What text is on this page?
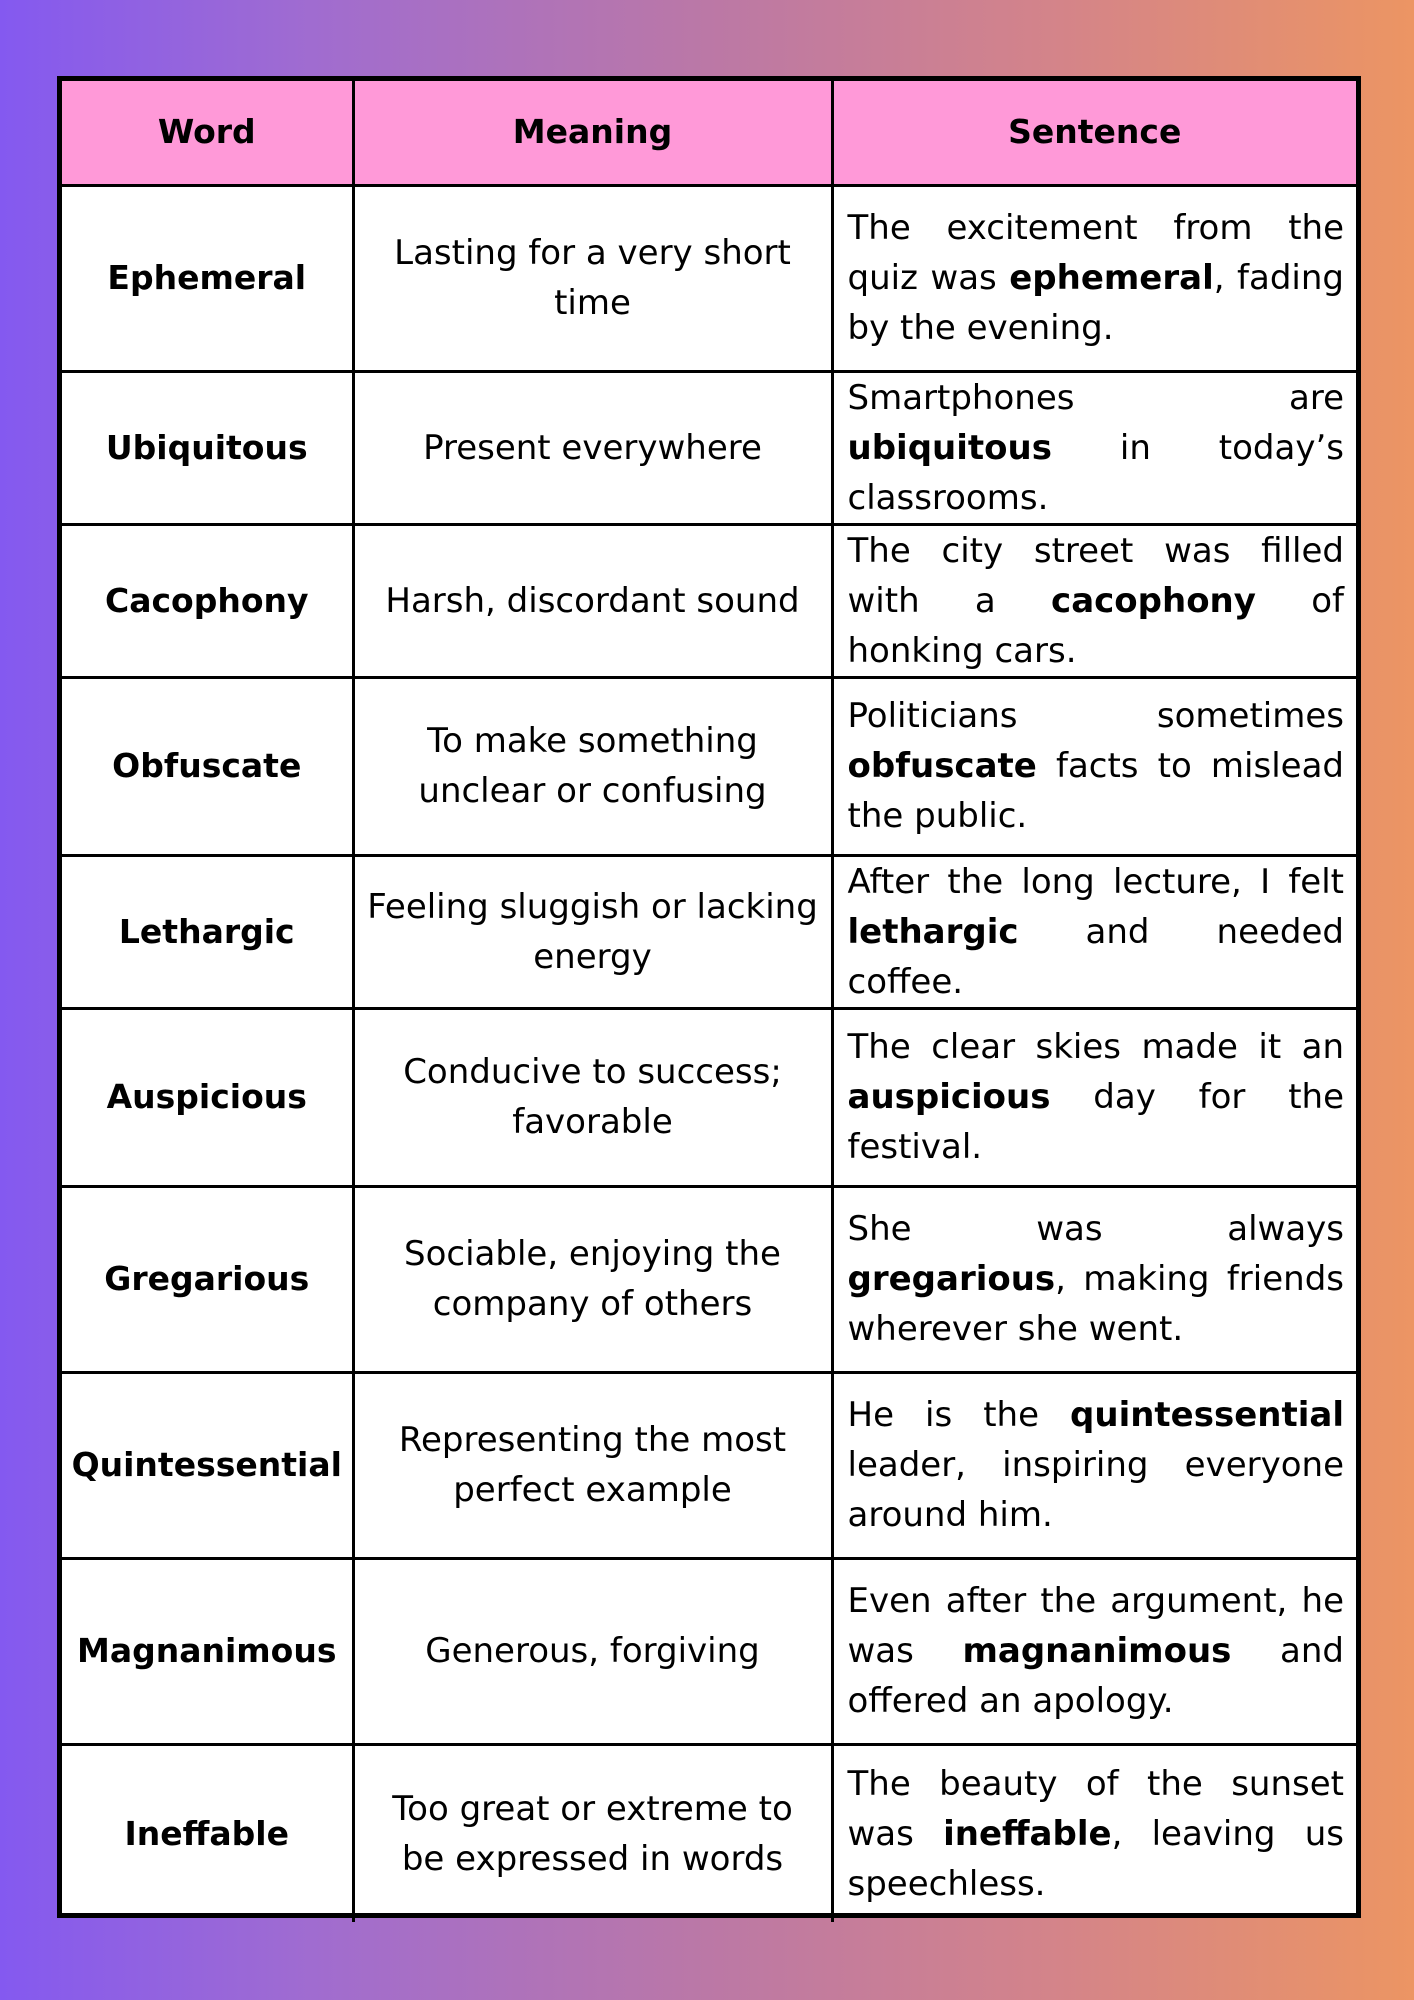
Word	Meaning	Sentence
Ephemeral	Lasting for a very short time	The excitement from the quiz was ephemeral, fading by the evening.
Ubiquitous	Present everywhere	Smartphones are ubiquitous in today’s classrooms.
Cacophony	Harsh, discordant sound	The city street was filled with a cacophony of honking cars.
Obfuscate	To make something unclear or confusing	Politicians sometimes obfuscate facts to mislead the public.
Lethargic	Feeling sluggish or lacking energy	After the long lecture, I felt lethargic and needed coffee.
Auspicious	Conducive to success; favorable	The clear skies made it an auspicious day for the festival.
Gregarious	Sociable, enjoying the company of others	She was always gregarious, making friends wherever she went.
Quintessential	Representing the most perfect example	He is the quintessential leader, inspiring everyone around him.
Magnanimous	Generous, forgiving	Even after the argument, he was magnanimous and offered an apology.
Ineffable	Too great or extreme to be expressed in words	The beauty of the sunset was ineffable, leaving us speechless.
